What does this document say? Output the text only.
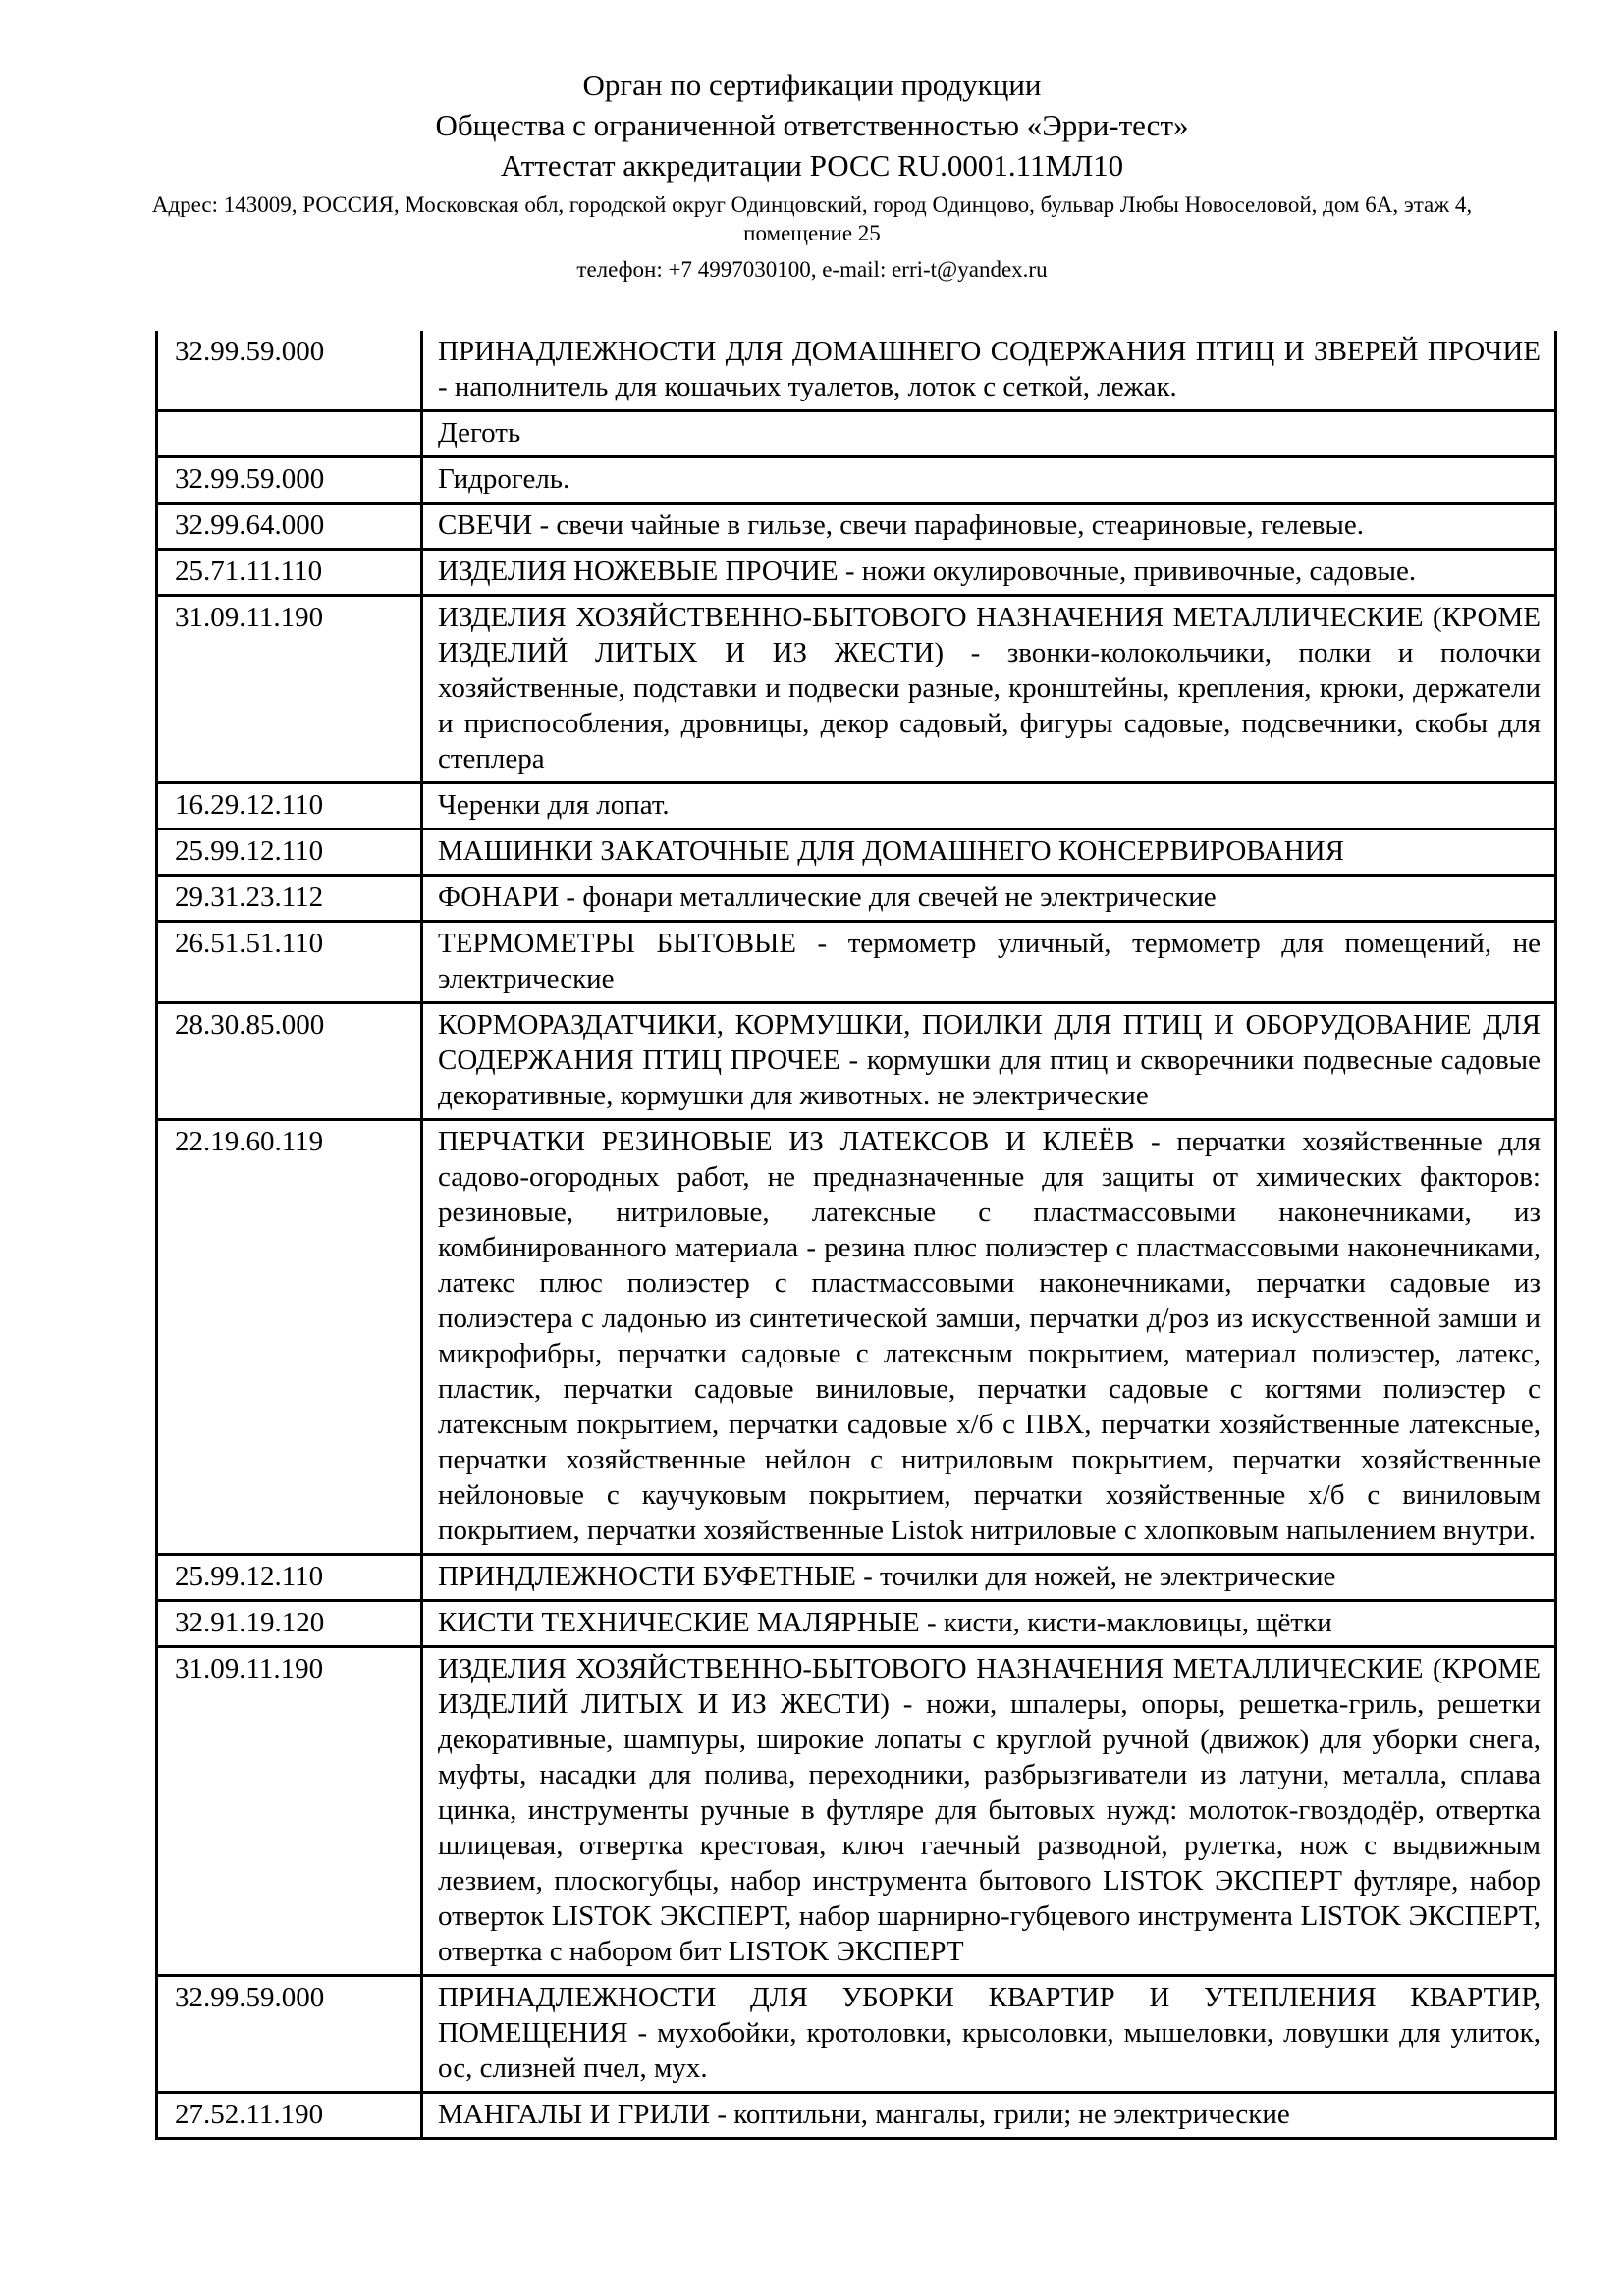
Орган по сертификации продукции
Общества с ограниченной ответственностью «Эрри-тест»
Аттестат аккредитации РОСС RU.0001.11МЛ10
Адрес: 143009, РОССИЯ, Московская обл, городской округ Одинцовский, город Одинцово, бульвар Любы Новоселовой, дом 6А, этаж 4,
помещение 25
телефон: +7 4997030100, e-mail: erri-t@yandex.ru
32.99.59.000	ПРИНАДЛЕЖНОСТИ ДЛЯ ДОМАШНЕГО СОДЕРЖАНИЯ ПТИЦ И ЗВЕРЕЙ ПРОЧИЕ - наполнитель для кошачьих туалетов, лоток с сеткой, лежак.
	Деготь
32.99.59.000	Гидрогель.
32.99.64.000	СВЕЧИ - свечи чайные в гильзе, свечи парафиновые, стеариновые, гелевые.
25.71.11.110	ИЗДЕЛИЯ НОЖЕВЫЕ ПРОЧИЕ - ножи окулировочные, прививочные, садовые.
31.09.11.190	ИЗДЕЛИЯ ХОЗЯЙСТВЕННО-БЫТОВОГО НАЗНАЧЕНИЯ МЕТАЛЛИЧЕСКИЕ (КРОМЕ ИЗДЕЛИЙ ЛИТЫХ И ИЗ ЖЕСТИ) - звонки-колокольчики, полки и полочки хозяйственные, подставки и подвески разные, кронштейны, крепления, крюки, держатели и приспособления, дровницы, декор садовый, фигуры садовые, подсвечники, скобы для степлера
16.29.12.110	Черенки для лопат.
25.99.12.110	МАШИНКИ ЗАКАТОЧНЫЕ ДЛЯ ДОМАШНЕГО КОНСЕРВИРОВАНИЯ
29.31.23.112	ФОНАРИ - фонари металлические для свечей не электрические
26.51.51.110	ТЕРМОМЕТРЫ БЫТОВЫЕ - термометр уличный, термометр для помещений, не электрические
28.30.85.000	КОРМОРАЗДАТЧИКИ, КОРМУШКИ, ПОИЛКИ ДЛЯ ПТИЦ И ОБОРУДОВАНИЕ ДЛЯ СОДЕРЖАНИЯ ПТИЦ ПРОЧЕЕ - кормушки для птиц и скворечники подвесные садовые декоративные, кормушки для животных. не электрические
22.19.60.119	ПЕРЧАТКИ РЕЗИНОВЫЕ ИЗ ЛАТЕКСОВ И КЛЕЁВ - перчатки хозяйственные для садово-огородных работ, не предназначенные для защиты от химических факторов: резиновые, нитриловые, латексные с пластмассовыми наконечниками, из комбинированного материала - резина плюс полиэстер с пластмассовыми наконечниками, латекс плюс полиэстер с пластмассовыми наконечниками, перчатки садовые из полиэстера с ладонью из синтетической замши, перчатки д/роз из искусственной замши и микрофибры, перчатки садовые с латексным покрытием, материал полиэстер, латекс, пластик, перчатки садовые виниловые, перчатки садовые с когтями полиэстер с латексным покрытием, перчатки садовые х/б с ПВХ, перчатки хозяйственные латексные, перчатки хозяйственные нейлон с нитриловым покрытием, перчатки хозяйственные нейлоновые с каучуковым покрытием, перчатки хозяйственные х/б с виниловым покрытием, перчатки хозяйственные Listok нитриловые с хлопковым напылением внутри.
25.99.12.110	ПРИНДЛЕЖНОСТИ БУФЕТНЫЕ - точилки для ножей, не электрические
32.91.19.120	КИСТИ ТЕХНИЧЕСКИЕ МАЛЯРНЫЕ - кисти, кисти-макловицы, щётки
31.09.11.190	ИЗДЕЛИЯ ХОЗЯЙСТВЕННО-БЫТОВОГО НАЗНАЧЕНИЯ МЕТАЛЛИЧЕСКИЕ (КРОМЕ ИЗДЕЛИЙ ЛИТЫХ И ИЗ ЖЕСТИ) - ножи, шпалеры, опоры, решетка-гриль, решетки декоративные, шампуры, широкие лопаты с круглой ручной (движок) для уборки снега, муфты, насадки для полива, переходники, разбрызгиватели из латуни, металла, сплава цинка, инструменты ручные в футляре для бытовых нужд: молоток-гвоздодёр, отвертка шлицевая, отвертка крестовая, ключ гаечный разводной, рулетка, нож с выдвижным лезвием, плоскогубцы, набор инструмента бытового LISTOK ЭКСПЕРТ футляре, набор отверток LISTOK ЭКСПЕРТ, набор шарнирно-губцевого инструмента LISTOK ЭКСПЕРТ, отвертка с набором бит LISTOK ЭКСПЕРТ
32.99.59.000	ПРИНАДЛЕЖНОСТИ ДЛЯ УБОРКИ КВАРТИР И УТЕПЛЕНИЯ КВАРТИР, ПОМЕЩЕНИЯ - мухобойки, кротоловки, крысоловки, мышеловки, ловушки для улиток, ос, слизней пчел, мух.
27.52.11.190	МАНГАЛЫ И ГРИЛИ - коптильни, мангалы, грили; не электрические
